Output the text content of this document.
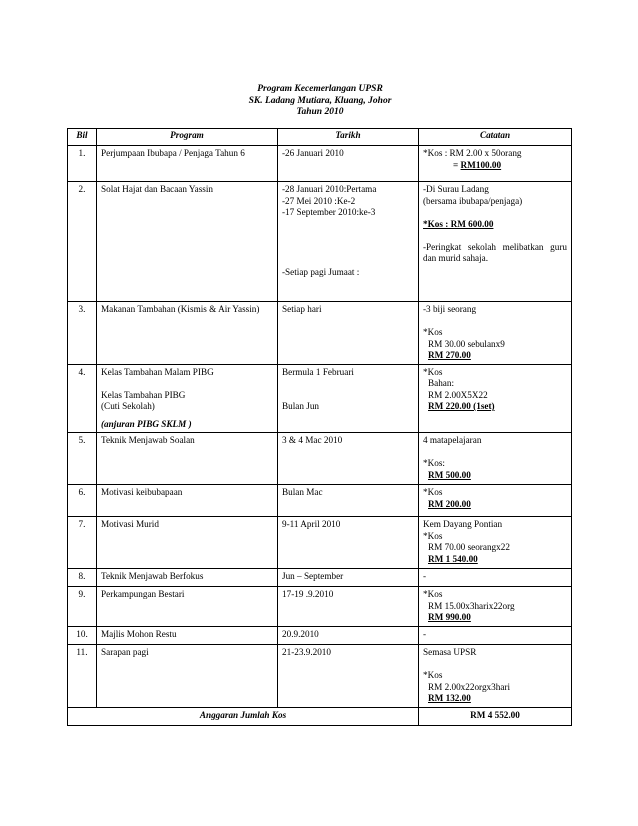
Program Kecemerlangan UPSR
SK. Ladang Mutiara, Kluang, Johor
Tahun 2010
Bil	Program	Tarikh	Catatan
1.	Perjumpaan Ibubapa / Penjaga Tahun 6	-26 Januari 2010	*Kos : RM 2.00 x 50orang
= RM100.00

2.	Solat Hajat dan Bacaan Yassin	-28 Januari 2010:Pertama
-27 Mei 2010 :Ke-2
-17 September 2010:ke-3
-Setiap pagi Jumaat :	-Di Surau Ladang
(bersama ibubapa/penjaga)
*Kos : RM 600.00
-Peringkat sekolah melibatkan guru dan murid sahaja.

3.	Makanan Tambahan (Kismis & Air Yassin)	Setiap hari	-3 biji seorang
*Kos
RM 30.00 sebulanx9
RM 270.00

4.	Kelas Tambahan Malam PIBG
Kelas Tambahan PIBG
(Cuti Sekolah)
(anjuran PIBG SKLM )	Bermula 1 Februari
Bulan Jun	*Kos
Bahan:
RM 2.00X5X22
RM 220.00 (1set)

5.	Teknik Menjawab Soalan	3 & 4 Mac 2010	4 matapelajaran
*Kos:
RM 500.00

6.	Motivasi keibubapaan	Bulan Mac	*Kos
RM 200.00

7.	Motivasi Murid	9-11 April 2010	Kem Dayang Pontian
*Kos
RM 70.00 seorangx22
RM 1 540.00

8.	Teknik Menjawab Berfokus	Jun – September	-

9.	Perkampungan Bestari	17-19 .9.2010	*Kos
RM 15.00x3harix22org
RM 990.00

10.	Majlis Mohon Restu	20.9.2010	-

11.	Sarapan pagi	21-23.9.2010	Semasa UPSR
*Kos
RM 2.00x22orgx3hari
RM 132.00

Anggaran Jumlah Kos			RM 4 552.00
